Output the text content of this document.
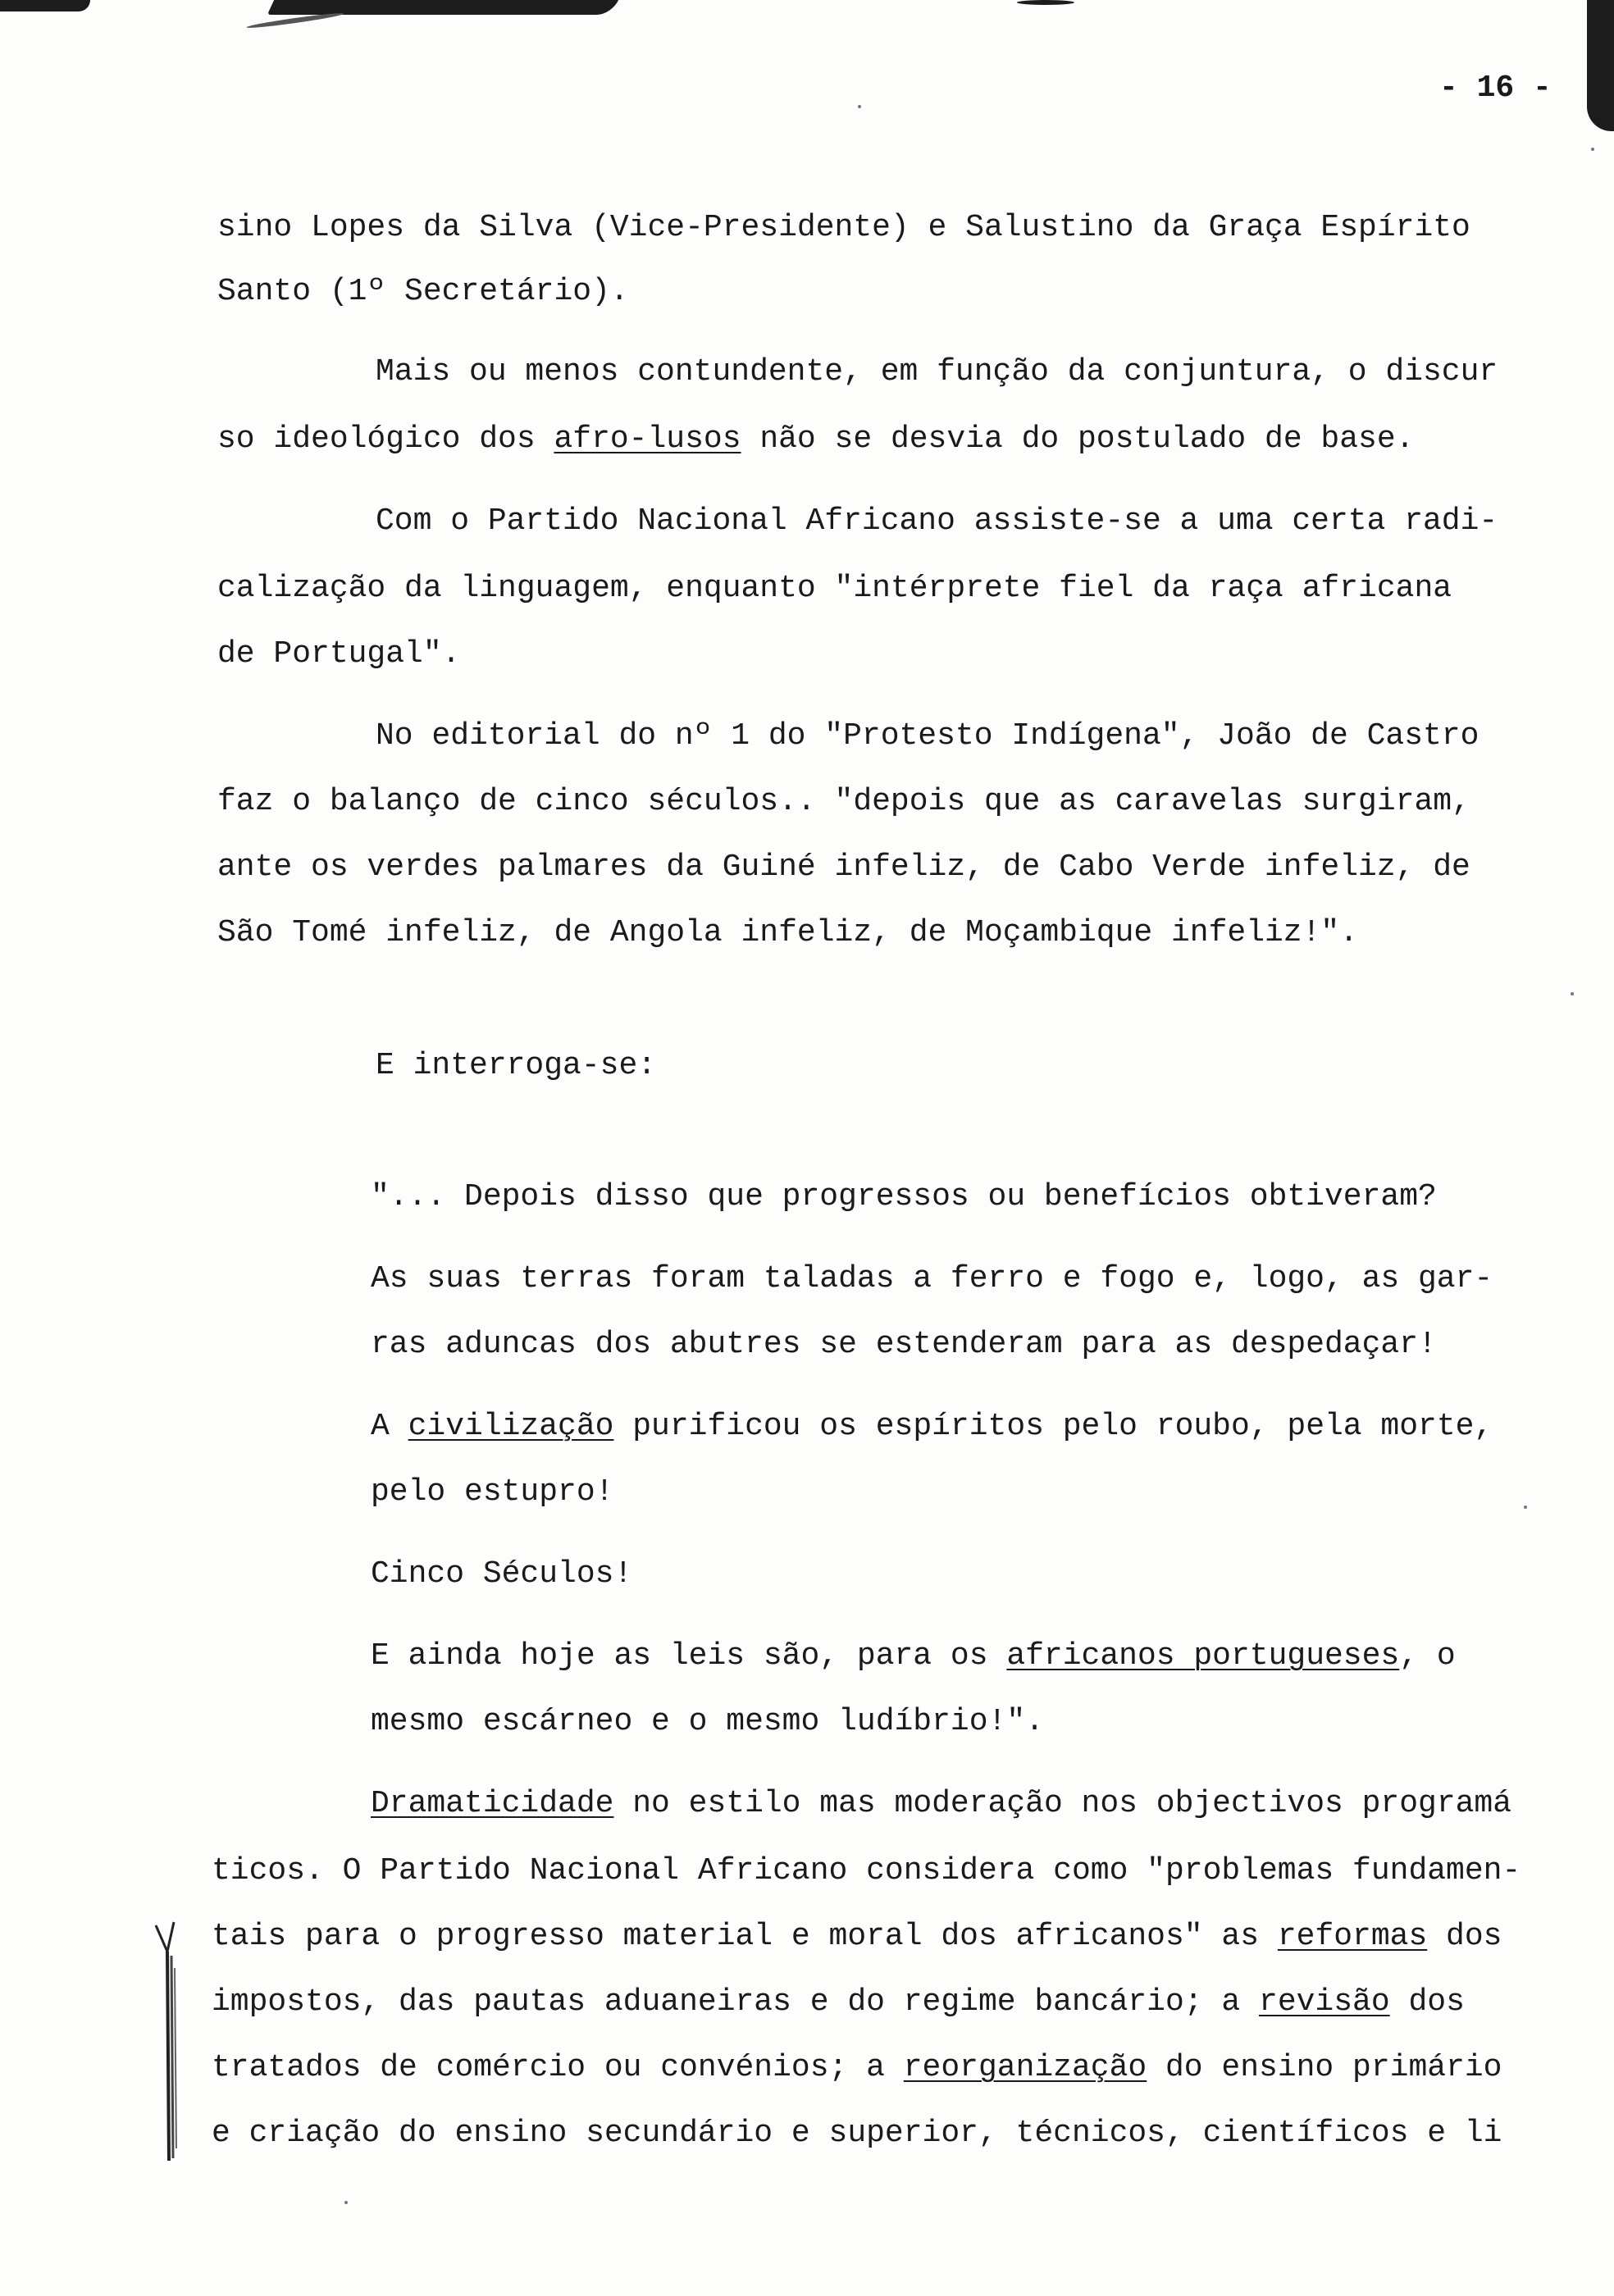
- 16 -
sino Lopes da Silva (Vice-Presidente) e Salustino da Graça Espírito
Santo (1º Secretário).
Mais ou menos contundente, em função da conjuntura, o discur
so ideológico dos afro-lusos não se desvia do postulado de base.
Com o Partido Nacional Africano assiste-se a uma certa radi-
calização da linguagem, enquanto "intérprete fiel da raça africana
de Portugal".
No editorial do nº 1 do "Protesto Indígena", João de Castro
faz o balanço de cinco séculos.. "depois que as caravelas surgiram,
ante os verdes palmares da Guiné infeliz, de Cabo Verde infeliz, de
São Tomé infeliz, de Angola infeliz, de Moçambique infeliz!".
E interroga-se:
"... Depois disso que progressos ou benefícios obtiveram?
As suas terras foram taladas a ferro e fogo e, logo, as gar-
ras aduncas dos abutres se estenderam para as despedaçar!
A civilização purificou os espíritos pelo roubo, pela morte,
pelo estupro!
Cinco Séculos!
E ainda hoje as leis são, para os africanos portugueses, o
mesmo escárneo e o mesmo ludíbrio!".
Dramaticidade no estilo mas moderação nos objectivos programá
ticos. O Partido Nacional Africano considera como "problemas fundamen-
tais para o progresso material e moral dos africanos" as reformas dos
impostos, das pautas aduaneiras e do regime bancário; a revisão dos
tratados de comércio ou convénios; a reorganização do ensino primário
e criação do ensino secundário e superior, técnicos, científicos e li
